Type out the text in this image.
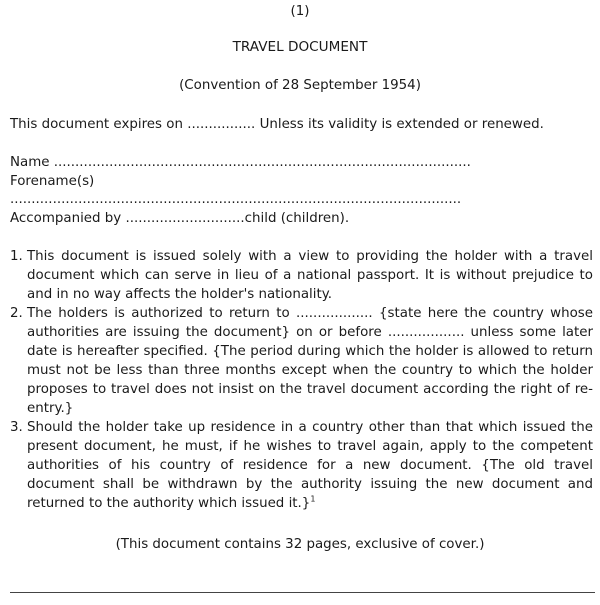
(1)
TRAVEL DOCUMENT
(Convention of 28 September 1954)
This document expires on ................ Unless its validity is extended or renewed.
Name ..................................................................................................
Forename(s)
..........................................................................................................
Accompanied by ............................child (children).
1. This document is issued solely with a view to providing the holder with a travel document which can serve in lieu of a national passport. It is without prejudice to and in no way affects the holder's nationality.
2. The holders is authorized to return to .................. {state here the country whose authorities are issuing the document} on or before .................. unless some later date is hereafter specified. {The period during which the holder is allowed to return must not be less than three months except when the country to which the holder proposes to travel does not insist on the travel document according the right of re-entry.}
3. Should the holder take up residence in a country other than that which issued the present document, he must, if he wishes to travel again, apply to the competent authorities of his country of residence for a new document. {The old travel document shall be withdrawn by the authority issuing the new document and returned to the authority which issued it.}$^1$
(This document contains 32 pages, exclusive of cover.)
